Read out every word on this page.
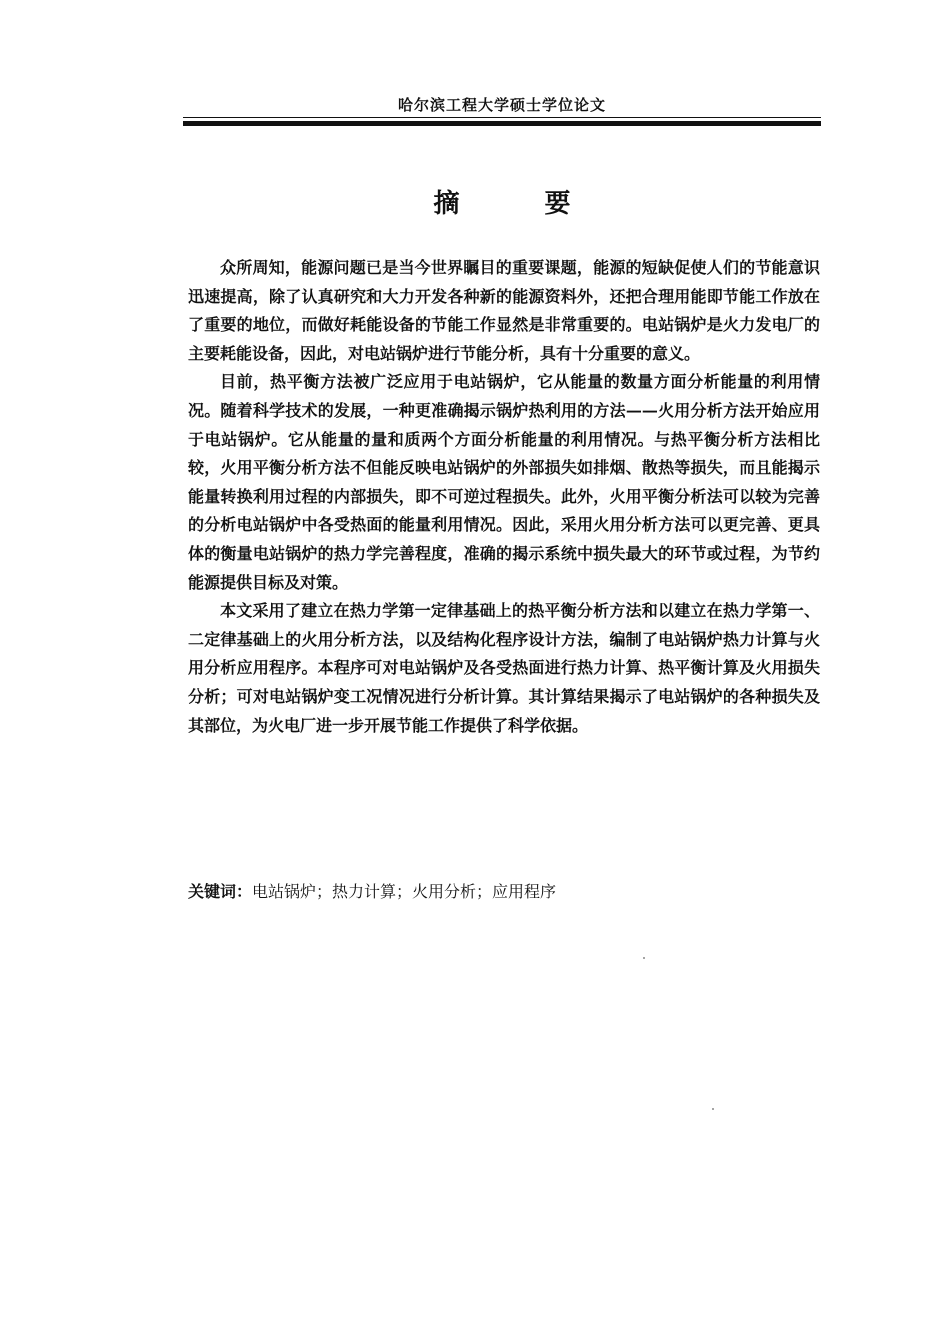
哈尔滨工程大学硕士学位论文
摘 要

众所周知，能源问题已是当今世界瞩目的重要课题，能源的短缺促使人们的节能意识迅速提高，除了认真研究和大力开发各种新的能源资料外，还把合理用能即节能工作放在了重要的地位，而做好耗能设备的节能工作显然是非常重要的。电站锅炉是火力发电厂的主要耗能设备，因此，对电站锅炉进行节能分析，具有十分重要的意义。

目前，热平衡方法被广泛应用于电站锅炉，它从能量的数量方面分析能量的利用情况。随着科学技术的发展，一种更准确揭示锅炉热利用的方法——火用分析方法开始应用于电站锅炉。它从能量的量和质两个方面分析能量的利用情况。与热平衡分析方法相比较，火用平衡分析方法不但能反映电站锅炉的外部损失如排烟、散热等损失，而且能揭示能量转换利用过程的内部损失，即不可逆过程损失。此外，火用平衡分析法可以较为完善的分析电站锅炉中各受热面的能量利用情况。因此，采用火用分析方法可以更完善、更具体的衡量电站锅炉的热力学完善程度，准确的揭示系统中损失最大的环节或过程，为节约能源提供目标及对策。

本文采用了建立在热力学第一定律基础上的热平衡分析方法和以建立在热力学第一、二定律基础上的火用分析方法，以及结构化程序设计方法，编制了电站锅炉热力计算与火用分析应用程序。本程序可对电站锅炉及各受热面进行热力计算、热平衡计算及火用损失分析；可对电站锅炉变工况情况进行分析计算。其计算结果揭示了电站锅炉的各种损失及其部位，为火电厂进一步开展节能工作提供了科学依据。

关键词：电站锅炉；热力计算；火用分析；应用程序
